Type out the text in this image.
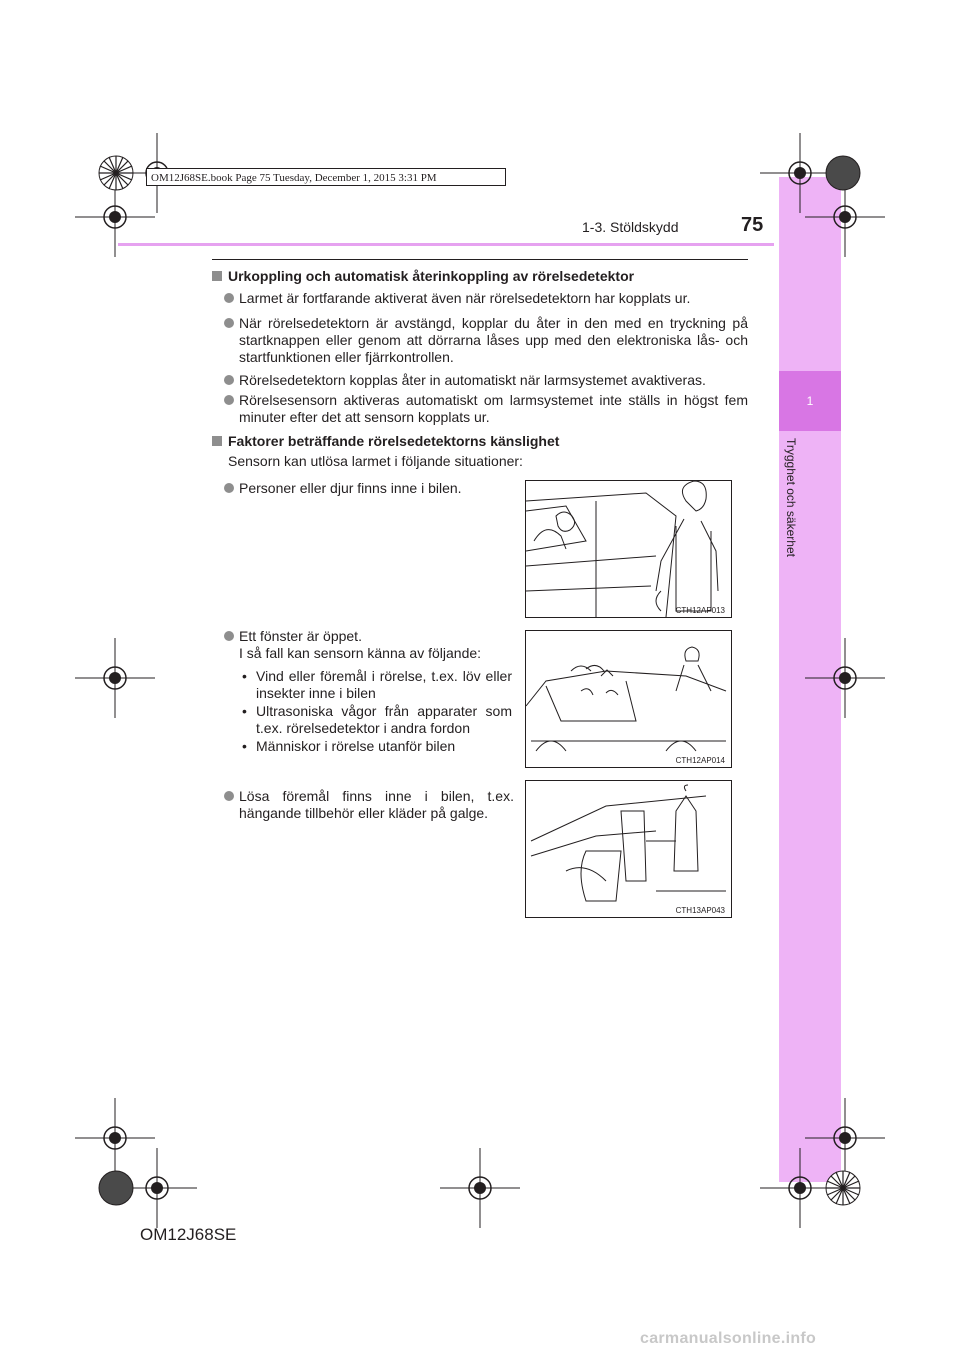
1
Trygghet och säkerhet
OM12J68SE.book Page 75 Tuesday, December 1, 2015 3:31 PM
1-3. Stöldskydd	75
Urkoppling och automatisk återinkoppling av rörelsedetektor
Larmet är fortfarande aktiverat även när rörelsedetektorn har kopplats ur.
När rörelsedetektorn är avstängd, kopplar du åter in den med en tryckning på startknappen eller genom att dörrarna låses upp med den elektroniska lås- och startfunktionen eller fjärrkontrollen.
Rörelsedetektorn kopplas åter in automatiskt när larmsystemet avaktiveras.
Rörelsesensorn aktiveras automatiskt om larmsystemet inte ställs in högst fem minuter efter det att sensorn kopplats ur.
Faktorer beträffande rörelsedetektorns känslighet
Sensorn kan utlösa larmet i följande situationer:
Personer eller djur finns inne i bilen.
CTH12AP013
Ett fönster är öppet.
I så fall kan sensorn känna av följande:
• Vind eller föremål i rörelse, t.ex. löv eller insekter inne i bilen
• Ultrasoniska vågor från apparater som t.ex. rörelsedetektor i andra fordon
• Människor i rörelse utanför bilen
CTH12AP014
Lösa föremål finns inne i bilen, t.ex. hängande tillbehör eller kläder på galge.
CTH13AP043
OM12J68SE
carmanualsonline.info
